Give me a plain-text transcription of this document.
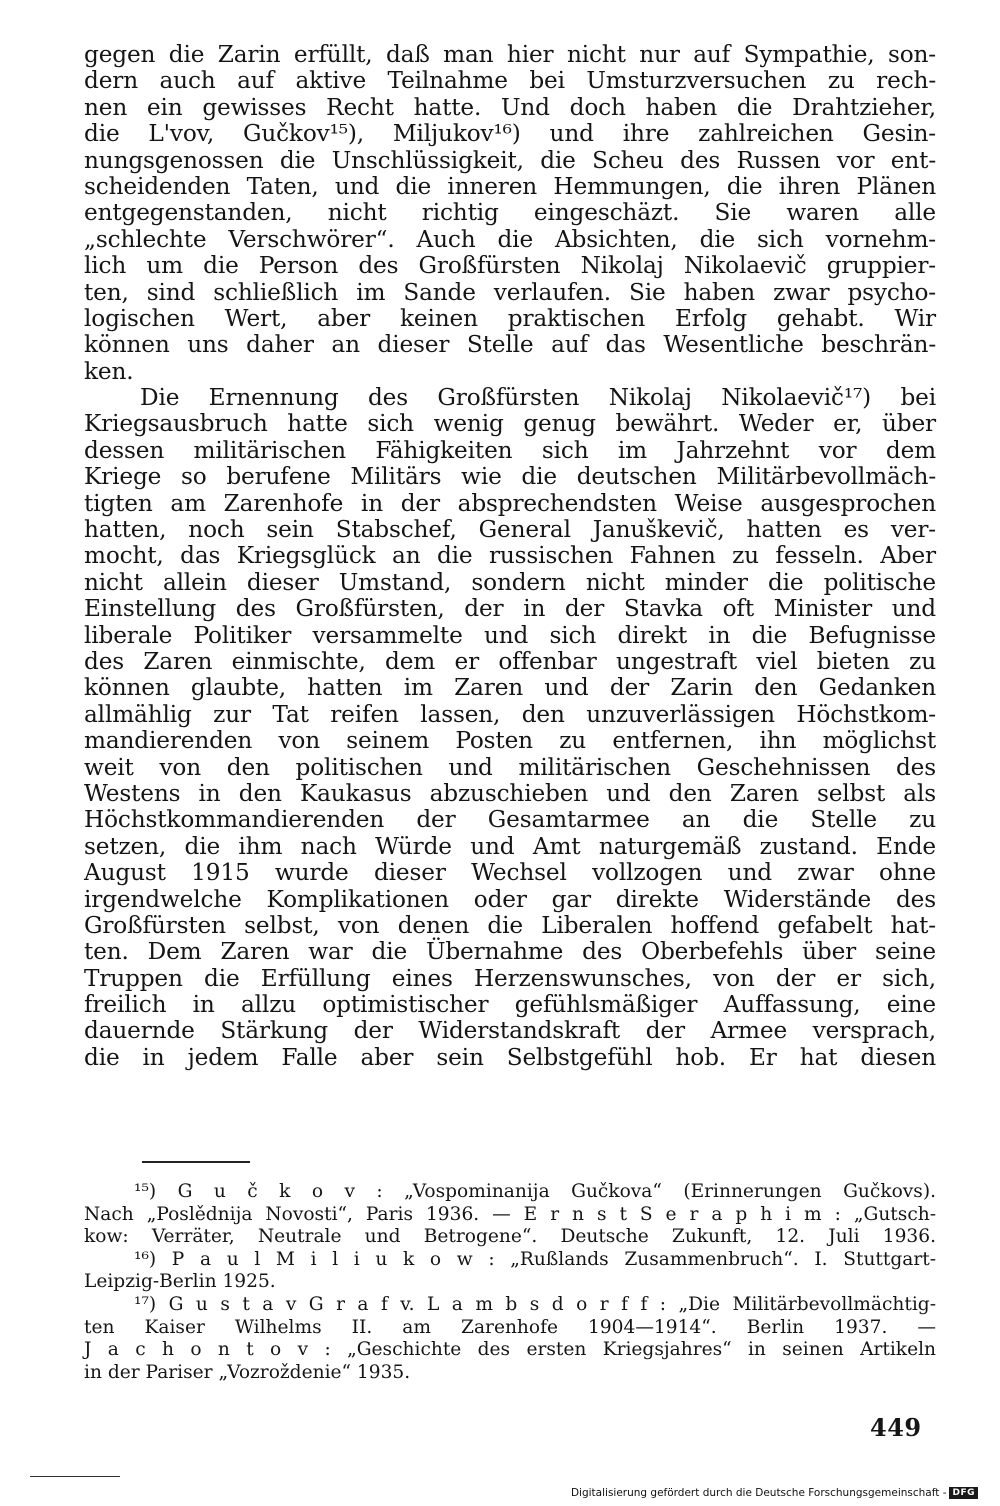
gegen die Zarin erfüllt, daß man hier nicht nur auf Sympathie, son-
dern auch auf aktive Teilnahme bei Umsturzversuchen zu rech-
nen ein gewisses Recht hatte. Und doch haben die Drahtzieher,
die L'vov, Gučkov¹⁵), Miljukov¹⁶) und ihre zahlreichen Gesin-
nungsgenossen die Unschlüssigkeit, die Scheu des Russen vor ent-
scheidenden Taten, und die inneren Hemmungen, die ihren Plänen
entgegenstanden, nicht richtig eingeschäzt. Sie waren alle
„schlechte Verschwörer“. Auch die Absichten, die sich vornehm-
lich um die Person des Großfürsten Nikolaj Nikolaevič gruppier-
ten, sind schließlich im Sande verlaufen. Sie haben zwar psycho-
logischen Wert, aber keinen praktischen Erfolg gehabt. Wir
können uns daher an dieser Stelle auf das Wesentliche beschrän-
ken.
Die Ernennung des Großfürsten Nikolaj Nikolaevič¹⁷) bei
Kriegsausbruch hatte sich wenig genug bewährt. Weder er, über
dessen militärischen Fähigkeiten sich im Jahrzehnt vor dem
Kriege so berufene Militärs wie die deutschen Militärbevollmäch-
tigten am Zarenhofe in der absprechendsten Weise ausgesprochen
hatten, noch sein Stabschef, General Januškevič, hatten es ver-
mocht, das Kriegsglück an die russischen Fahnen zu fesseln. Aber
nicht allein dieser Umstand, sondern nicht minder die politische
Einstellung des Großfürsten, der in der Stavka oft Minister und
liberale Politiker versammelte und sich direkt in die Befugnisse
des Zaren einmischte, dem er offenbar ungestraft viel bieten zu
können glaubte, hatten im Zaren und der Zarin den Gedanken
allmählig zur Tat reifen lassen, den unzuverlässigen Höchstkom-
mandierenden von seinem Posten zu entfernen, ihn möglichst
weit von den politischen und militärischen Geschehnissen des
Westens in den Kaukasus abzuschieben und den Zaren selbst als
Höchstkommandierenden der Gesamtarmee an die Stelle zu
setzen, die ihm nach Würde und Amt naturgemäß zustand. Ende
August 1915 wurde dieser Wechsel vollzogen und zwar ohne
irgendwelche Komplikationen oder gar direkte Widerstände des
Großfürsten selbst, von denen die Liberalen hoffend gefabelt hat-
ten. Dem Zaren war die Übernahme des Oberbefehls über seine
Truppen die Erfüllung eines Herzenswunsches, von der er sich,
freilich in allzu optimistischer gefühlsmäßiger Auffassung, eine
dauernde Stärkung der Widerstandskraft der Armee versprach,
die in jedem Falle aber sein Selbstgefühl hob. Er hat diesen
¹⁵) G u č k o v : „Vospominanija Gučkova“ (Erinnerungen Gučkovs).
Nach „Poslědnija Novosti“, Paris 1936. — E r n s t S e r a p h i m : „Gutsch-
kow: Verräter, Neutrale und Betrogene“. Deutsche Zukunft, 12. Juli 1936.
¹⁶) P a u l M i l i u k o w : „Rußlands Zusammenbruch“. I. Stuttgart-
Leipzig-Berlin 1925.
¹⁷) G u s t a v G r a f v. L a m b s d o r f f : „Die Militärbevollmächtig-
ten Kaiser Wilhelms II. am Zarenhofe 1904—1914“. Berlin 1937. —
J a c h o n t o v : „Geschichte des ersten Kriegsjahres“ in seinen Artikeln
in der Pariser „Vozroždenie“ 1935.
449
Digitalisierung gefördert durch die Deutsche Forschungsgemeinschaft - DFG
